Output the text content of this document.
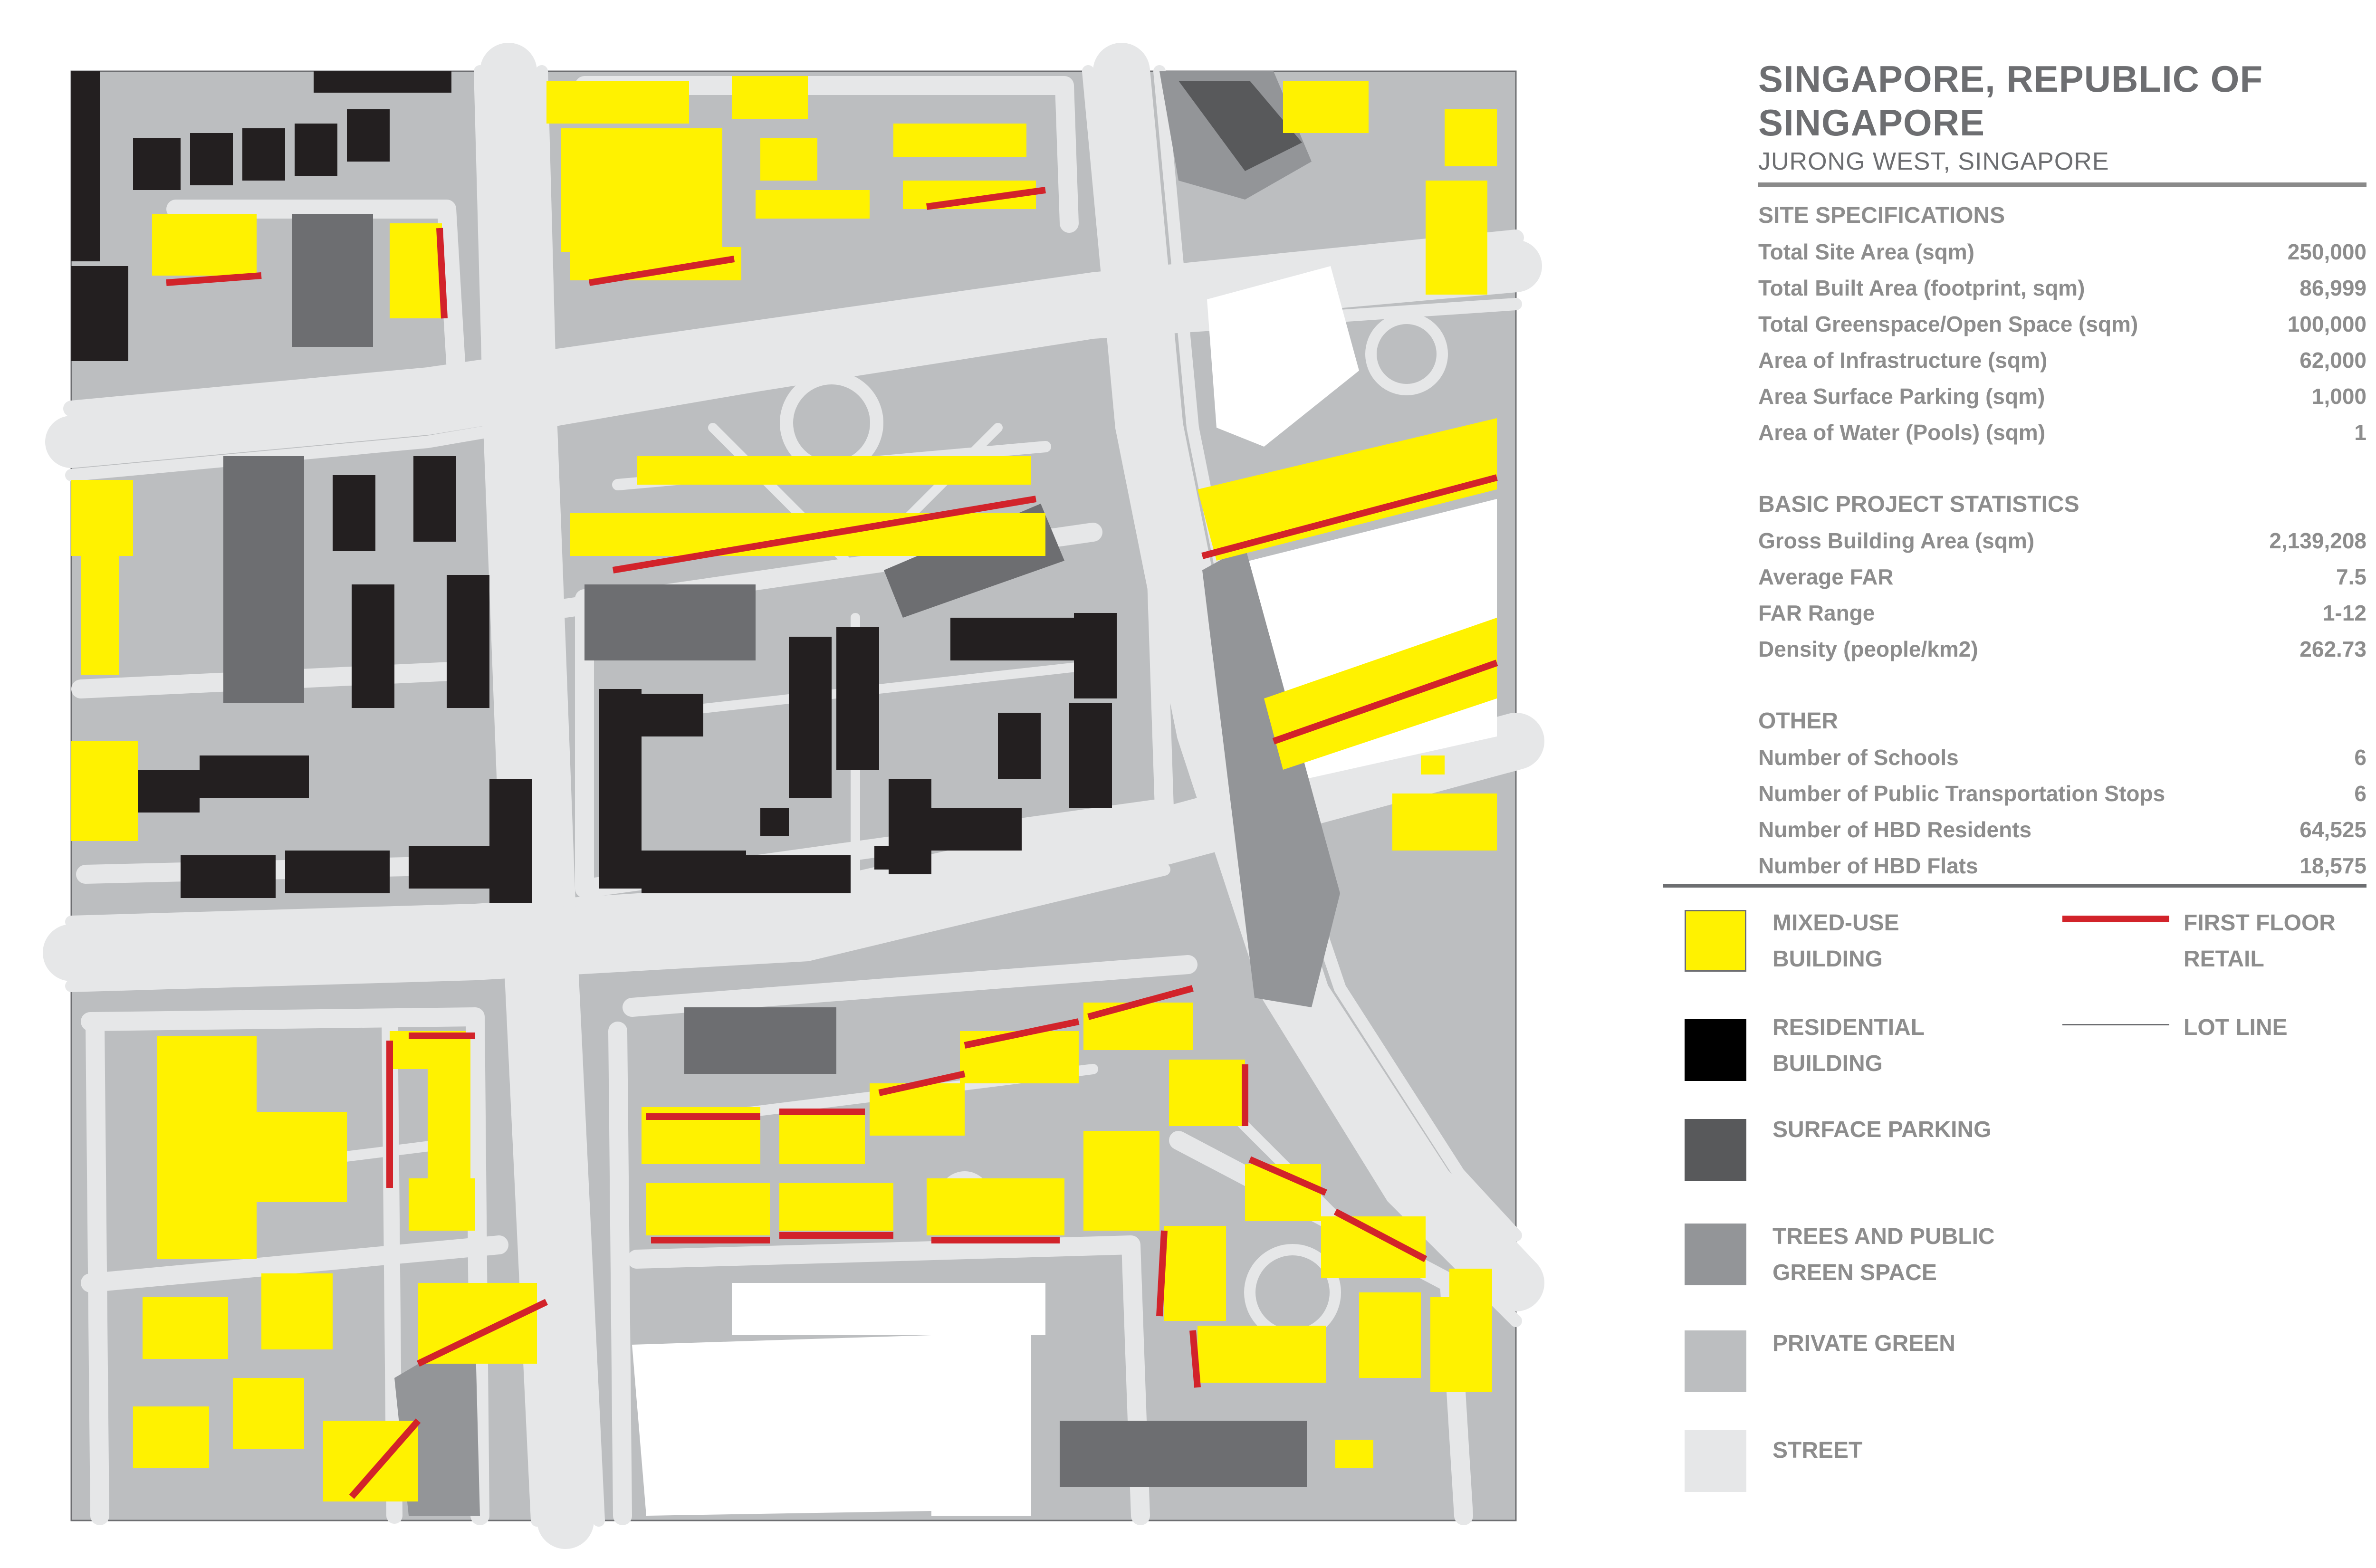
SINGAPORE, REPUBLIC OF SINGAPORE
JURONG WEST, SINGAPORE
SITE SPECIFICATIONS
Total Site Area (sqm)	250,000
Total Built Area (footprint, sqm)	86,999
Total Greenspace/Open Space (sqm)	100,000
Area of Infrastructure (sqm)	62,000
Area Surface Parking (sqm)	1,000
Area of Water (Pools) (sqm)	1
BASIC PROJECT STATISTICS
Gross Building Area (sqm)	2,139,208
Average FAR	7.5
FAR Range	1-12
Density (people/km2)	262.73
OTHER
Number of Schools	6
Number of Public Transportation Stops	6
Number of HBD Residents	64,525
Number of HBD Flats	18,575
MIXED-USE
BUILDING
RESIDENTIAL
BUILDING
SURFACE PARKING
TREES AND PUBLIC
GREEN SPACE
PRIVATE GREEN
STREET
FIRST FLOOR
RETAIL
LOT LINE
